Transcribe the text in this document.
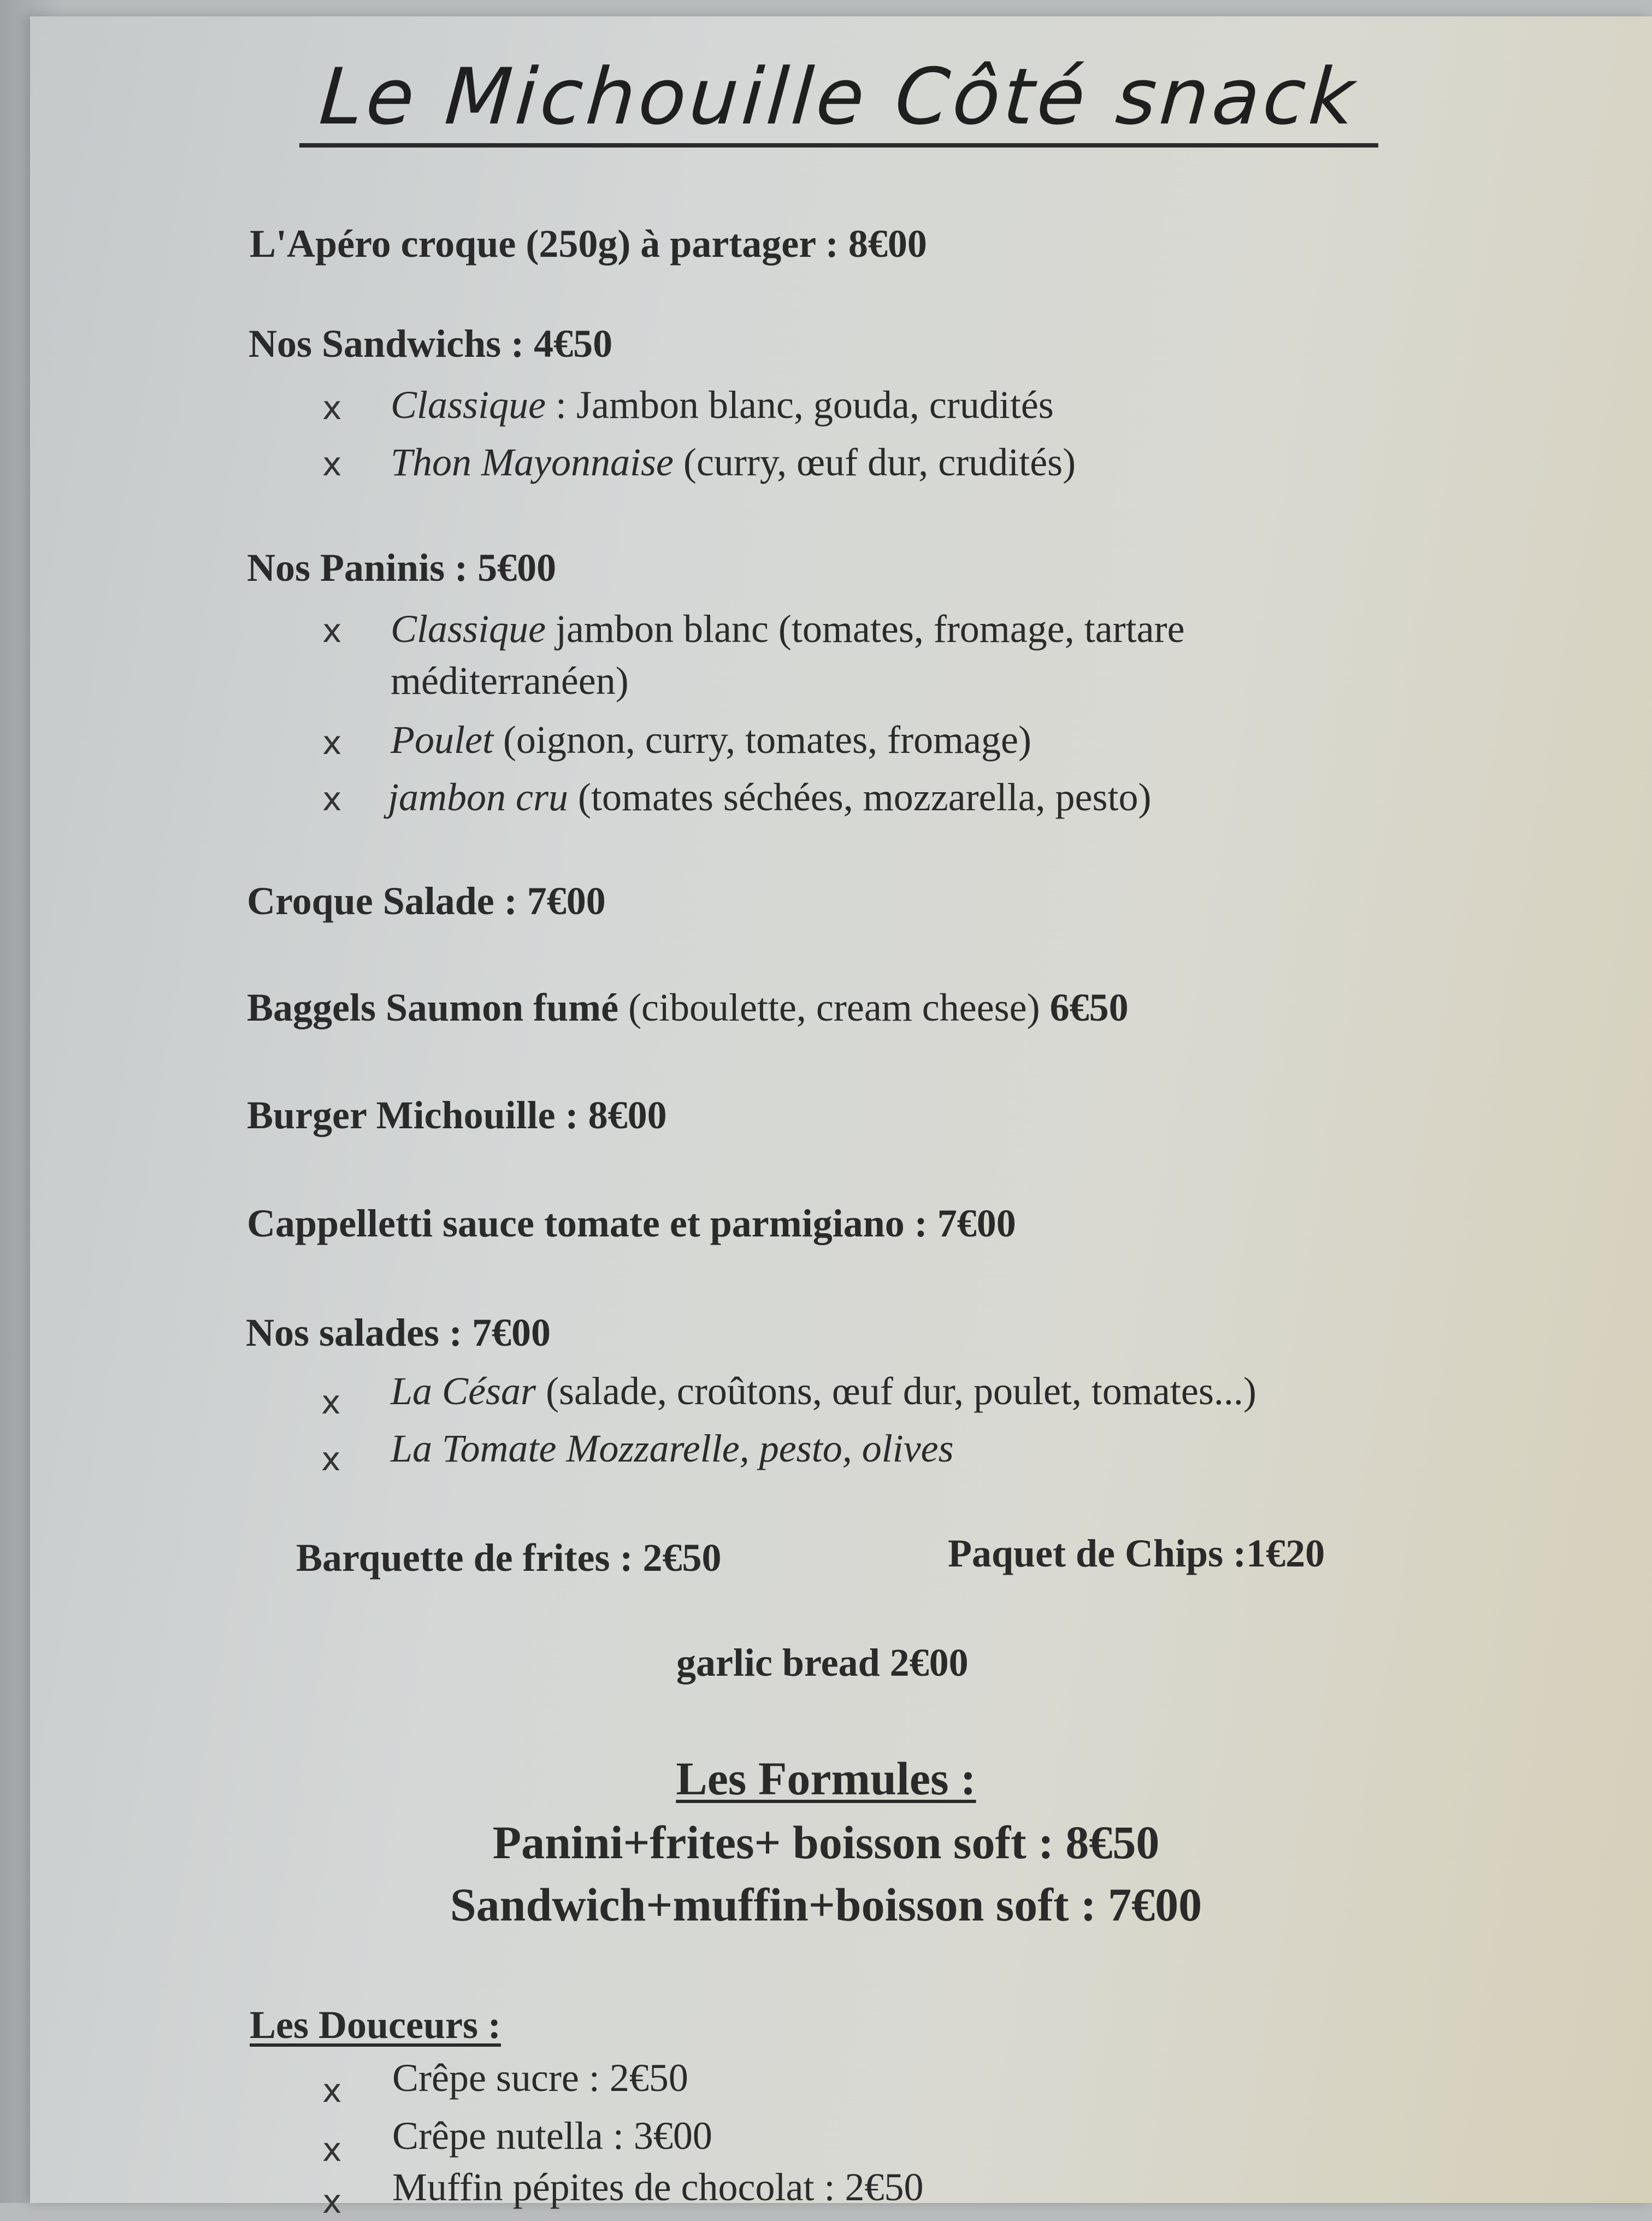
Le Michouille Côté snack
L'Apéro croque (250g) à partager : 8€00
Nos Sandwichs : 4€50
x Classique : Jambon blanc, gouda, crudités
x Thon Mayonnaise (curry, œuf dur, crudités)
Nos Paninis : 5€00
x Classique jambon blanc (tomates, fromage, tartare
méditerranéen)
x Poulet (oignon, curry, tomates, fromage)
x jambon cru (tomates séchées, mozzarella, pesto)
Croque Salade : 7€00
Baggels Saumon fumé (ciboulette, cream cheese) 6€50
Burger Michouille : 8€00
Cappelletti sauce tomate et parmigiano : 7€00
Nos salades : 7€00
x La César (salade, croûtons, œuf dur, poulet, tomates...)
x La Tomate Mozzarelle, pesto, olives
Barquette de frites : 2€50	Paquet de Chips :1€20
garlic bread 2€00
Les Formules :
Panini+frites+ boisson soft : 8€50
Sandwich+muffin+boisson soft : 7€00
Les Douceurs :
x Crêpe sucre : 2€50
x Crêpe nutella : 3€00
x Muffin pépites de chocolat : 2€50
